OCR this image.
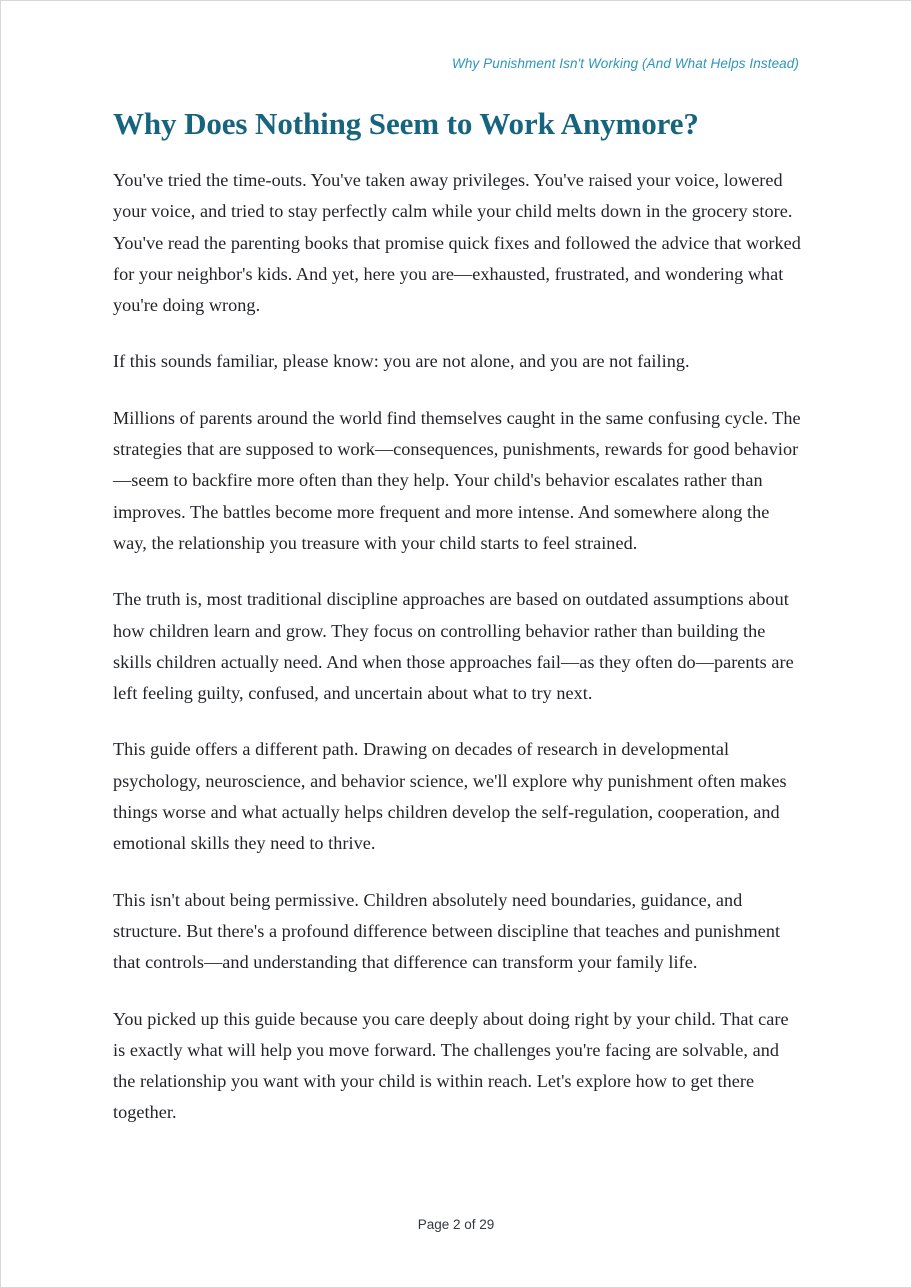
Why Punishment Isn't Working (And What Helps Instead)
Why Does Nothing Seem to Work Anymore?

You've tried the time-outs. You've taken away privileges. You've raised your voice, lowered your voice, and tried to stay perfectly calm while your child melts down in the grocery store. You've read the parenting books that promise quick fixes and followed the advice that worked for your neighbor's kids. And yet, here you are—exhausted, frustrated, and wondering what you're doing wrong.

If this sounds familiar, please know: you are not alone, and you are not failing.

Millions of parents around the world find themselves caught in the same confusing cycle. The strategies that are supposed to work—consequences, punishments, rewards for good behavior—seem to backfire more often than they help. Your child's behavior escalates rather than improves. The battles become more frequent and more intense. And somewhere along the way, the relationship you treasure with your child starts to feel strained.

The truth is, most traditional discipline approaches are based on outdated assumptions about how children learn and grow. They focus on controlling behavior rather than building the skills children actually need. And when those approaches fail—as they often do—parents are left feeling guilty, confused, and uncertain about what to try next.

This guide offers a different path. Drawing on decades of research in developmental psychology, neuroscience, and behavior science, we'll explore why punishment often makes things worse and what actually helps children develop the self-regulation, cooperation, and emotional skills they need to thrive.

This isn't about being permissive. Children absolutely need boundaries, guidance, and structure. But there's a profound difference between discipline that teaches and punishment that controls—and understanding that difference can transform your family life.

You picked up this guide because you care deeply about doing right by your child. That care is exactly what will help you move forward. The challenges you're facing are solvable, and the relationship you want with your child is within reach. Let's explore how to get there together.

Page 2 of 29
